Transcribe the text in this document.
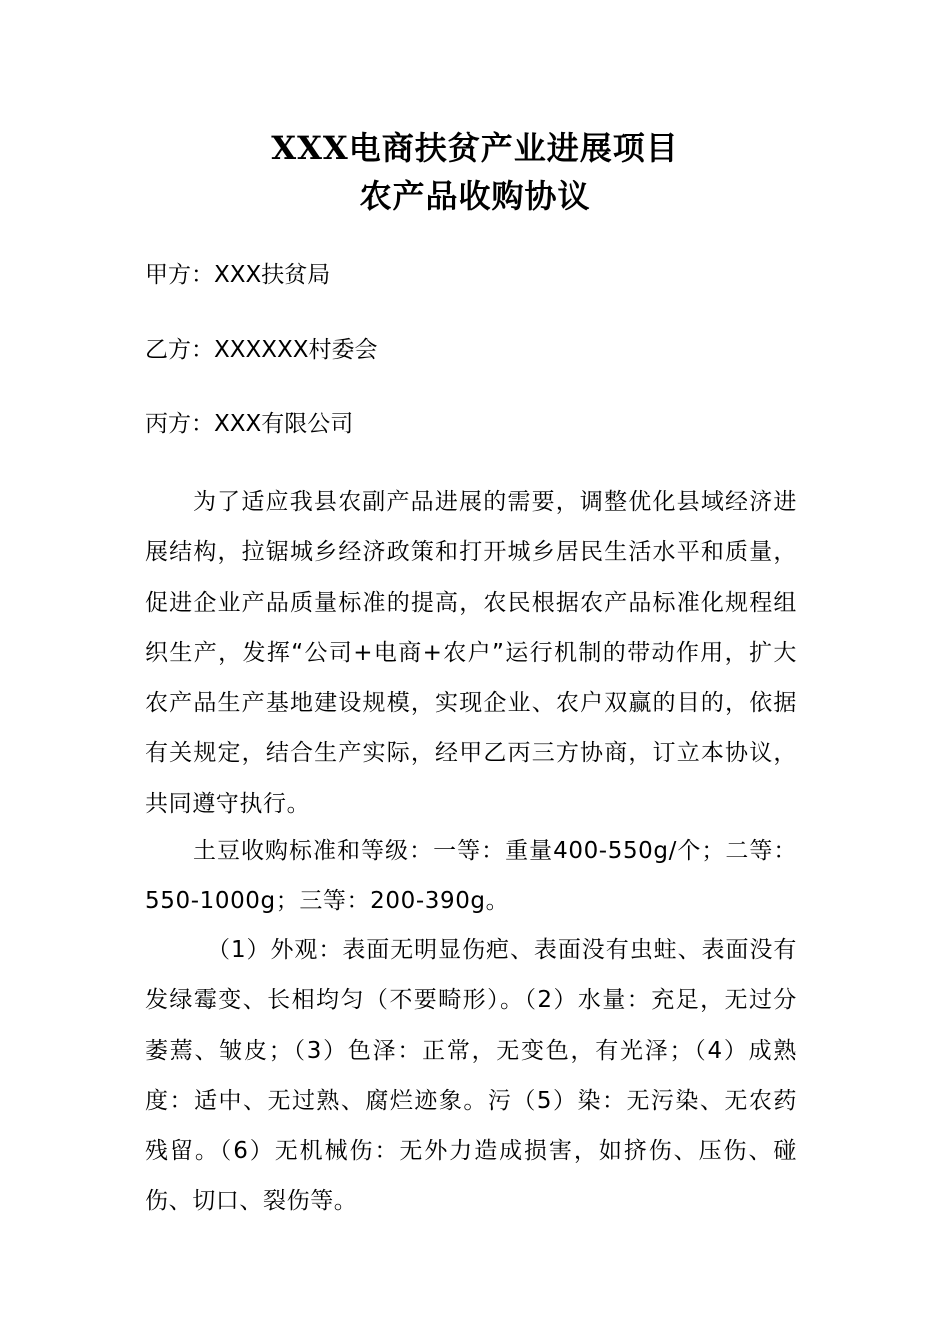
XXX电商扶贫产业进展项目
农产品收购协议
甲方：XXX扶贫局
乙方：XXXXXX村委会
丙方：XXX有限公司

为了适应我县农副产品进展的需要，调整优化县域经济进展结构，拉锯城乡经济政策和打开城乡居民生活水平和质量，促进企业产品质量标准的提高，农民根据农产品标准化规程组织生产，发挥“公司+电商+农户”运行机制的带动作用，扩大农产品生产基地建设规模，实现企业、农户双赢的目的，依据有关规定，结合生产实际，经甲乙丙三方协商，订立本协议，共同遵守执行。

土豆收购标准和等级：一等：重量400-550g/个；二等：550-1000g；三等：200-390g。

（1）外观：表面无明显伤疤、表面没有虫蛀、表面没有发绿霉变、长相均匀（不要畸形）。（2）水量：充足，无过分萎蔫、皱皮；（3）色泽：正常，无变色，有光泽；（4）成熟度：适中、无过熟、腐烂迹象。污（5）染：无污染、无农药残留。（6）无机械伤：无外力造成损害，如挤伤、压伤、碰伤、切口、裂伤等。
